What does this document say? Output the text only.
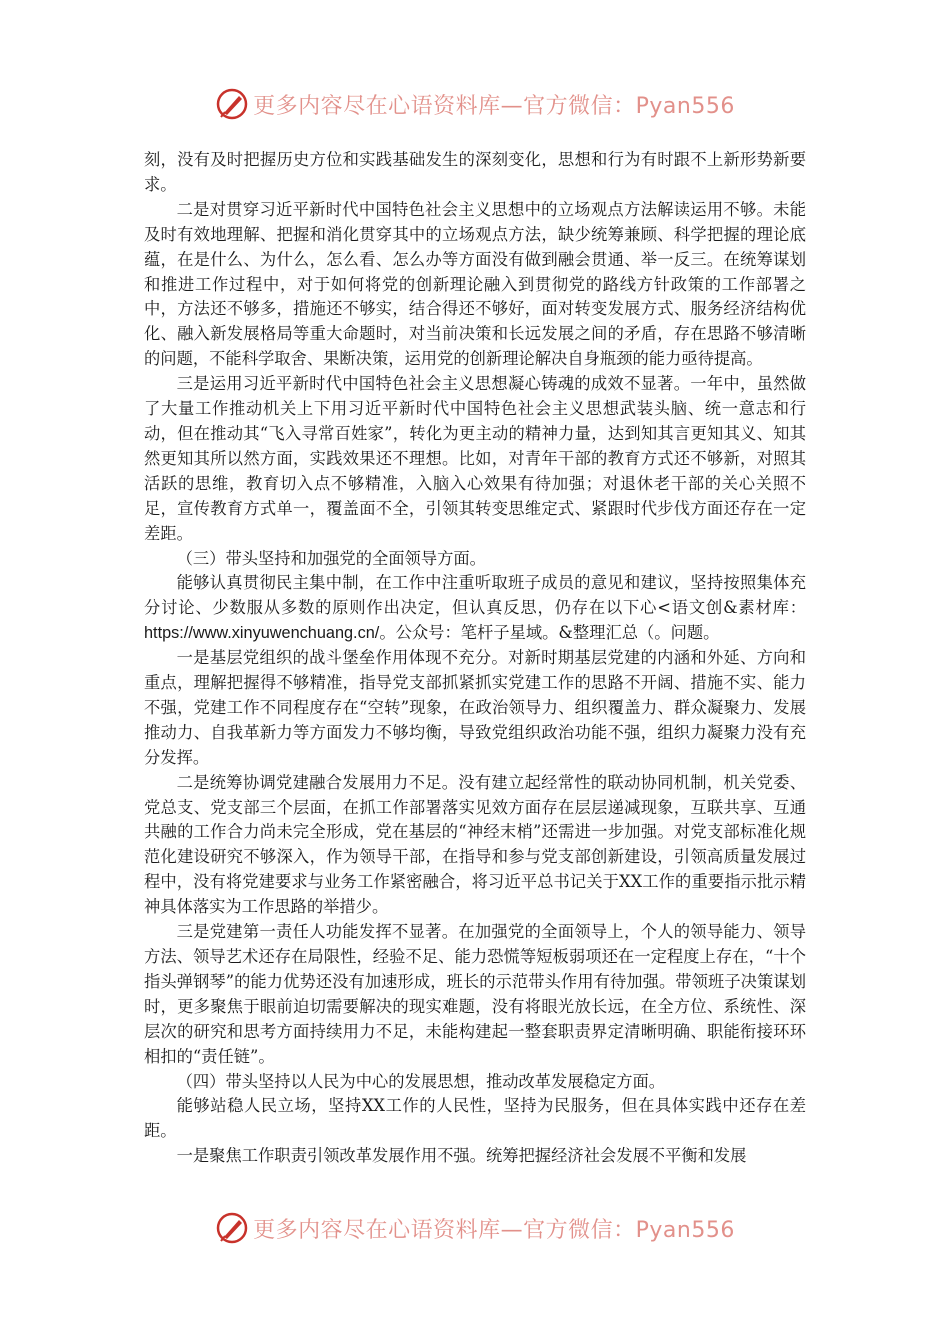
更多内容尽在心语资料库—官方微信：Pyan556

刻，没有及时把握历史方位和实践基础发生的深刻变化，思想和行为有时跟不上新形势新要求。

二是对贯穿习近平新时代中国特色社会主义思想中的立场观点方法解读运用不够。未能及时有效地理解、把握和消化贯穿其中的立场观点方法，缺少统筹兼顾、科学把握的理论底蕴，在是什么、为什么，怎么看、怎么办等方面没有做到融会贯通、举一反三。在统筹谋划和推进工作过程中，对于如何将党的创新理论融入到贯彻党的路线方针政策的工作部署之中，方法还不够多，措施还不够实，结合得还不够好，面对转变发展方式、服务经济结构优化、融入新发展格局等重大命题时，对当前决策和长远发展之间的矛盾，存在思路不够清晰的问题，不能科学取舍、果断决策，运用党的创新理论解决自身瓶颈的能力亟待提高。

三是运用习近平新时代中国特色社会主义思想凝心铸魂的成效不显著。一年中，虽然做了大量工作推动机关上下用习近平新时代中国特色社会主义思想武装头脑、统一意志和行动，但在推动其“飞入寻常百姓家”，转化为更主动的精神力量，达到知其言更知其义、知其然更知其所以然方面，实践效果还不理想。比如，对青年干部的教育方式还不够新，对照其活跃的思维，教育切入点不够精准，入脑入心效果有待加强；对退休老干部的关心关照不足，宣传教育方式单一，覆盖面不全，引领其转变思维定式、紧跟时代步伐方面还存在一定差距。

（三）带头坚持和加强党的全面领导方面。

能够认真贯彻民主集中制，在工作中注重听取班子成员的意见和建议，坚持按照集体充分讨论、少数服从多数的原则作出决定，但认真反思，仍存在以下心<语文创&素材库：https://www.xinyuwenchuang.cn/。公众号：笔杆子星域。&整理汇总（。问题。

一是基层党组织的战斗堡垒作用体现不充分。对新时期基层党建的内涵和外延、方向和重点，理解把握得不够精准，指导党支部抓紧抓实党建工作的思路不开阔、措施不实、能力不强，党建工作不同程度存在“空转”现象，在政治领导力、组织覆盖力、群众凝聚力、发展推动力、自我革新力等方面发力不够均衡，导致党组织政治功能不强，组织力凝聚力没有充分发挥。

二是统筹协调党建融合发展用力不足。没有建立起经常性的联动协同机制，机关党委、党总支、党支部三个层面，在抓工作部署落实见效方面存在层层递减现象，互联共享、互通共融的工作合力尚未完全形成，党在基层的“神经末梢”还需进一步加强。对党支部标准化规范化建设研究不够深入，作为领导干部，在指导和参与党支部创新建设，引领高质量发展过程中，没有将党建要求与业务工作紧密融合，将习近平总书记关于XX工作的重要指示批示精神具体落实为工作思路的举措少。

三是党建第一责任人功能发挥不显著。在加强党的全面领导上，个人的领导能力、领导方法、领导艺术还存在局限性，经验不足、能力恐慌等短板弱项还在一定程度上存在，“十个指头弹钢琴”的能力优势还没有加速形成，班长的示范带头作用有待加强。带领班子决策谋划时，更多聚焦于眼前迫切需要解决的现实难题，没有将眼光放长远，在全方位、系统性、深层次的研究和思考方面持续用力不足，未能构建起一整套职责界定清晰明确、职能衔接环环相扣的“责任链”。

（四）带头坚持以人民为中心的发展思想，推动改革发展稳定方面。

能够站稳人民立场，坚持XX工作的人民性，坚持为民服务，但在具体实践中还存在差距。

一是聚焦工作职责引领改革发展作用不强。统筹把握经济社会发展不平衡和发展

更多内容尽在心语资料库—官方微信：Pyan556
